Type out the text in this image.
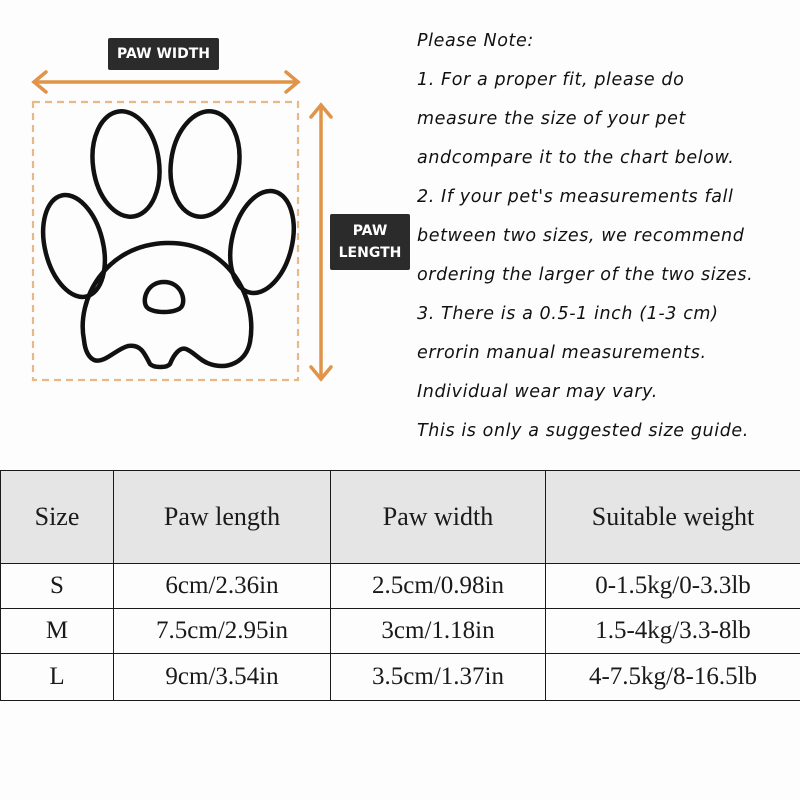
PAW WIDTH
PAW
LENGTH
Please Note:
1. For a proper fit, please do
measure the size of your pet
andcompare it to the chart below.
2. If your pet's measurements fall
between two sizes, we recommend
ordering the larger of the two sizes.
3. There is a 0.5-1 inch (1-3 cm)
errorin manual measurements.
Individual wear may vary.
This is only a suggested size guide.
Size	Paw length	Paw width	Suitable weight
S	6cm/2.36in	2.5cm/0.98in	0-1.5kg/0-3.3lb
M	7.5cm/2.95in	3cm/1.18in	1.5-4kg/3.3-8lb
L	9cm/3.54in	3.5cm/1.37in	4-7.5kg/8-16.5lb
